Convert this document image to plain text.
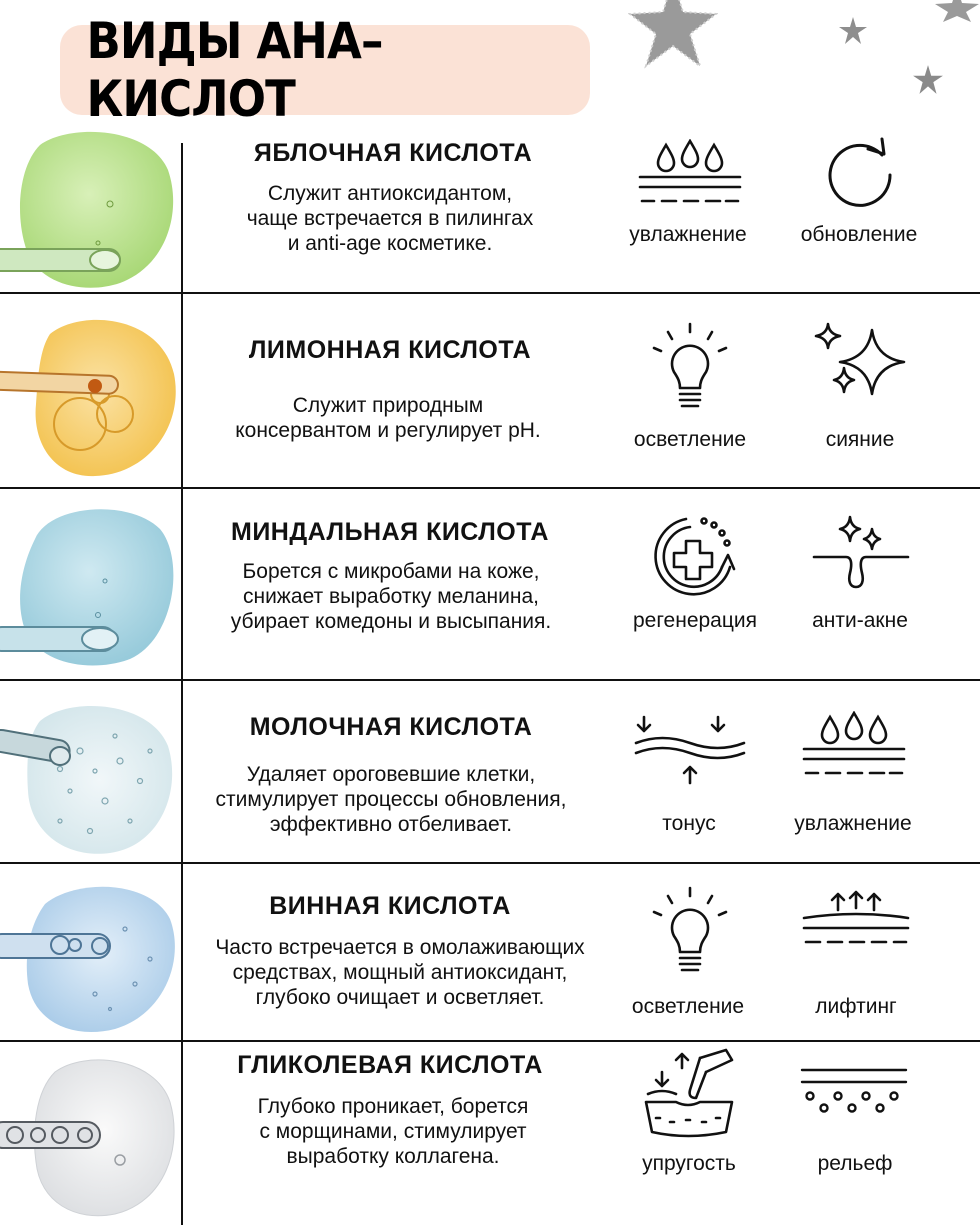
ВИДЫ АНА–КИСЛОТ
ЯБЛОЧНАЯ КИСЛОТА
Служит антиоксидантом,
чаще встречается в пилингах
и anti-age косметике.	увлажнение	обновление
ЛИМОННАЯ КИСЛОТА
Служит природным
консервантом и регулирует pH.	осветление	сияние
МИНДАЛЬНАЯ КИСЛОТА
Борется с микробами на коже,
снижает выработку меланина,
убирает комедоны и высыпания.	регенерация	анти-акне
МОЛОЧНАЯ КИСЛОТА
Удаляет ороговевшие клетки,
стимулирует процессы обновления,
эффективно отбеливает.	тонус	увлажнение
ВИННАЯ КИСЛОТА
Часто встречается в омолаживающих
средствах, мощный антиоксидант,
глубоко очищает и осветляет.	осветление	лифтинг
ГЛИКОЛЕВАЯ КИСЛОТА
Глубоко проникает, борется
с морщинами, стимулирует
выработку коллагена.	упругость	рельеф
